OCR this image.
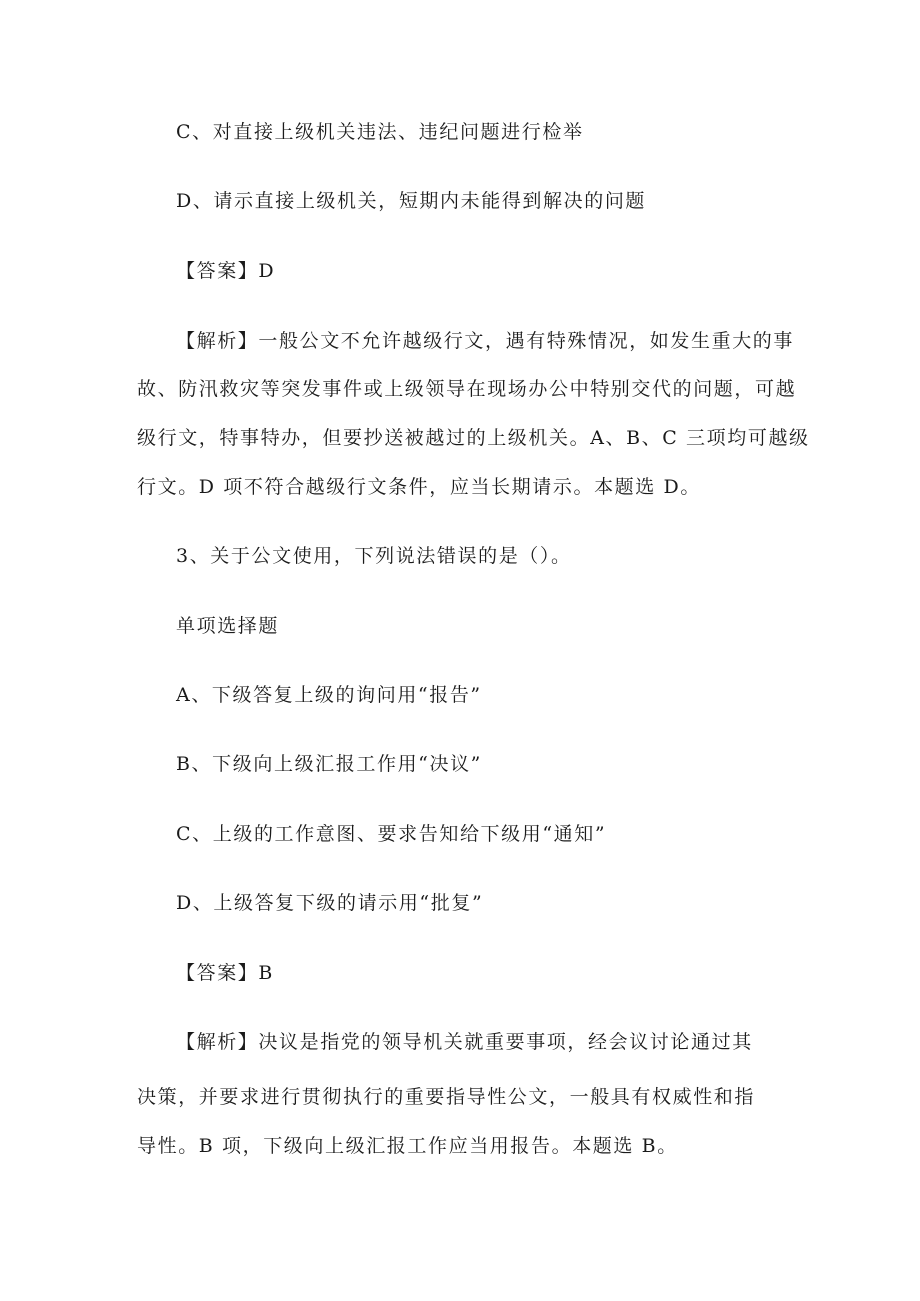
C、对直接上级机关违法、违纪问题进行检举
D、请示直接上级机关，短期内未能得到解决的问题
【答案】D
【解析】一般公文不允许越级行文，遇有特殊情况，如发生重大的事
故、防汛救灾等突发事件或上级领导在现场办公中特别交代的问题，可越
级行文，特事特办，但要抄送被越过的上级机关。A、B、C 三项均可越级
行文。D 项不符合越级行文条件，应当长期请示。本题选 D。
3、关于公文使用，下列说法错误的是（）。
单项选择题
A、下级答复上级的询问用“报告”
B、下级向上级汇报工作用“决议”
C、上级的工作意图、要求告知给下级用“通知”
D、上级答复下级的请示用“批复”
【答案】B
【解析】决议是指党的领导机关就重要事项，经会议讨论通过其
决策，并要求进行贯彻执行的重要指导性公文，一般具有权威性和指
导性。B 项，下级向上级汇报工作应当用报告。本题选 B。
